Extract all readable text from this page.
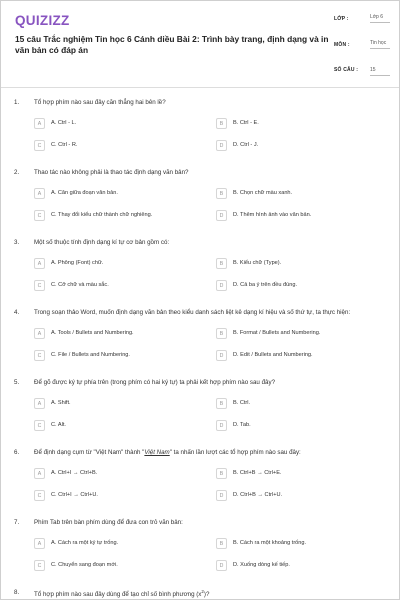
QUIZIZZ
15 câu Trắc nghiệm Tin học 6 Cánh diều Bài 2: Trình bày trang, định dạng và in văn bản có đáp án
LỚP :	Lớp 6
MÔN :	Tin học
SỐ CÂU : 15
1. Tổ hợp phím nào sau đây căn thẳng hai bên lề?
A	A. Ctrl - L.	B	B. Ctrl - E.
C	C. Ctrl - R.	D	D. Ctrl - J.
2. Thao tác nào không phải là thao tác định dạng văn bản?
A	A. Căn giữa đoạn văn bản.	B	B. Chọn chữ màu xanh.
C	C. Thay đổi kiểu chữ thành chữ nghiêng.	D	D. Thêm hình ảnh vào văn bản.
3. Một số thuộc tính định dạng kí tự cơ bản gồm có:
A	A. Phông (Font) chữ.	B	B. Kiểu chữ (Type).
C	C. Cỡ chữ và màu sắc.	D	D. Cả ba ý trên đều đúng.
4. Trong soạn thảo Word, muốn định dạng văn bản theo kiểu danh sách liệt kê dạng kí hiệu và số thứ tự, ta thực hiện:
A	A. Tools / Bullets and Numbering.	B	B. Format / Bullets and Numbering.
C	C. File / Bullets and Numbering.	D	D. Edit / Bullets and Numbering.
5. Để gõ được ký tự phía trên (trong phím có hai ký tự) ta phải kết hợp phím nào sau đây?
A	A. Shift.	B	B. Ctrl.
C	C. Alt.	D	D. Tab.
6. Để định dạng cụm từ "Việt Nam" thành "Việt Nam" ta nhấn lần lượt các tổ hợp phím nào sau đây:
A	A. Ctrl+I → Ctrl+B.	B	B. Ctrl+B → Ctrl+E.
C	C. Ctrl+I → Ctrl+U.	D	D. Ctrl+B → Ctrl+U.
7. Phím Tab trên bàn phím dùng để đưa con trỏ văn bản:
A	A. Cách ra một ký tự trống.	B	B. Cách ra một khoảng trống.
C	C. Chuyển sang đoạn mới.	D	D. Xuống dòng kế tiếp.
8. Tổ hợp phím nào sau đây dùng để tạo chỉ số bình phương $(x^2)$?
